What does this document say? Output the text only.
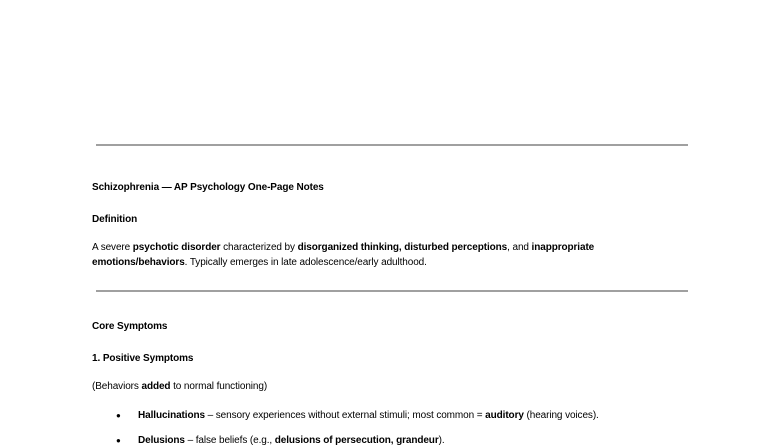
Schizophrenia — AP Psychology One-Page Notes
Definition
A severe psychotic disorder characterized by disorganized thinking, disturbed perceptions, and inappropriate
emotions/behaviors. Typically emerges in late adolescence/early adulthood.
Core Symptoms
1. Positive Symptoms
(Behaviors added to normal functioning)
● Hallucinations – sensory experiences without external stimuli; most common = auditory (hearing voices).
● Delusions – false beliefs (e.g., delusions of persecution, grandeur).
